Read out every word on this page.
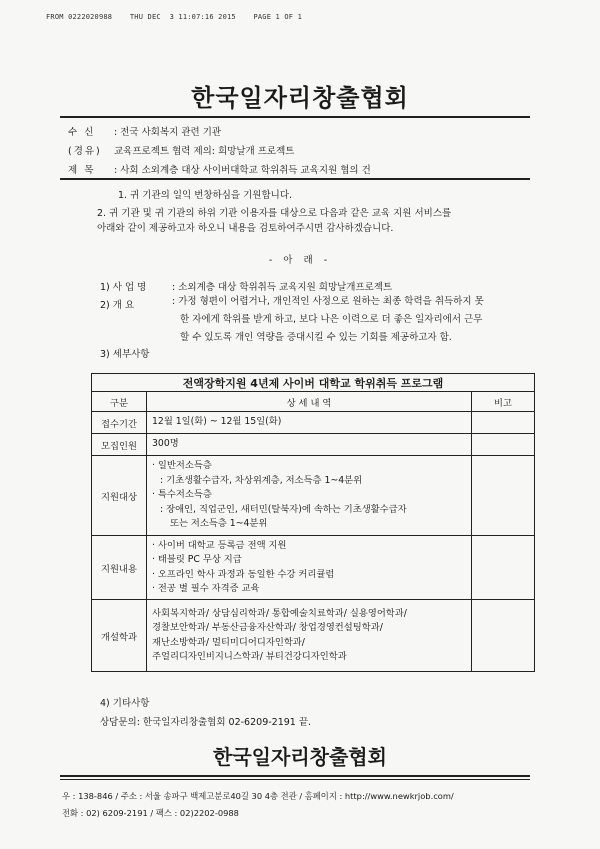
FROM 0222020988    THU DEC  3 11:07:16 2015    PAGE 1 OF 1
한국일자리창출협회
수 신 : 전국 사회복지 관련 기관
(경유) 교육프로젝트 협력 제의: 희망날개 프로젝트
제 목 : 사회 소외계층 대상 사이버대학교 학위취득 교육지원 협의 건
1. 귀 기관의 일익 번창하심을 기원합니다.
2. 귀 기관 및 귀 기관의 하위 기관 이용자를 대상으로 다음과 같은 교육 지원 서비스를
아래와 같이 제공하고자 하오니 내용을 검토하여주시면 감사하겠습니다.
- 아 래 -
1) 사 업 명	: 소외계층 대상 학위취득 교육지원 희망날개프로젝트
2) 개 요	: 가정 형편이 어렵거나, 개인적인 사정으로 원하는 최종 학력을 취득하지 못
한 자에게 학위를 받게 하고, 보다 나은 이력으로 더 좋은 일자리에서 근무
할 수 있도록 개인 역량을 증대시킬 수 있는 기회를 제공하고자 함.
3) 세부사항
전액장학지원 4년제 사이버 대학교 학위취득 프로그램		
구분	상 세 내 역	비고
접수기간	12월 1일(화) ~ 12월 15일(화)	

모집인원	300명	

지원대상	· 일반저소득층
: 기초생활수급자, 차상위계층, 저소득층 1~4분위
· 특수저소득층
: 장애인, 직업군인, 새터민(탈북자)에 속하는 기초생활수급자
또는 저소득층 1~4분위	

지원내용	· 사이버 대학교 등록금 전액 지원
· 태블릿 PC 무상 지급
· 오프라인 학사 과정과 동일한 수강 커리큘럼
· 전공 별 필수 자격증 교육	

개설학과	사회복지학과/ 상담심리학과/ 통합예술치료학과/ 실용영어학과/
경찰보안학과/ 부동산금융자산학과/ 창업경영컨설팅학과/
재난소방학과/ 멀티미디어디자인학과/
주얼리디자인비지니스학과/ 뷰티건강디자인학과	

4) 기타사항
상담문의: 한국일자리창출협회 02-6209-2191 끝.
한국일자리창출협회
우 : 138-846 / 주소 : 서울 송파구 백제고분로40길 30 4층 전관 / 홈페이지 : http://www.newkrjob.com/
전화 : 02) 6209-2191 / 팩스 : 02)2202-0988
